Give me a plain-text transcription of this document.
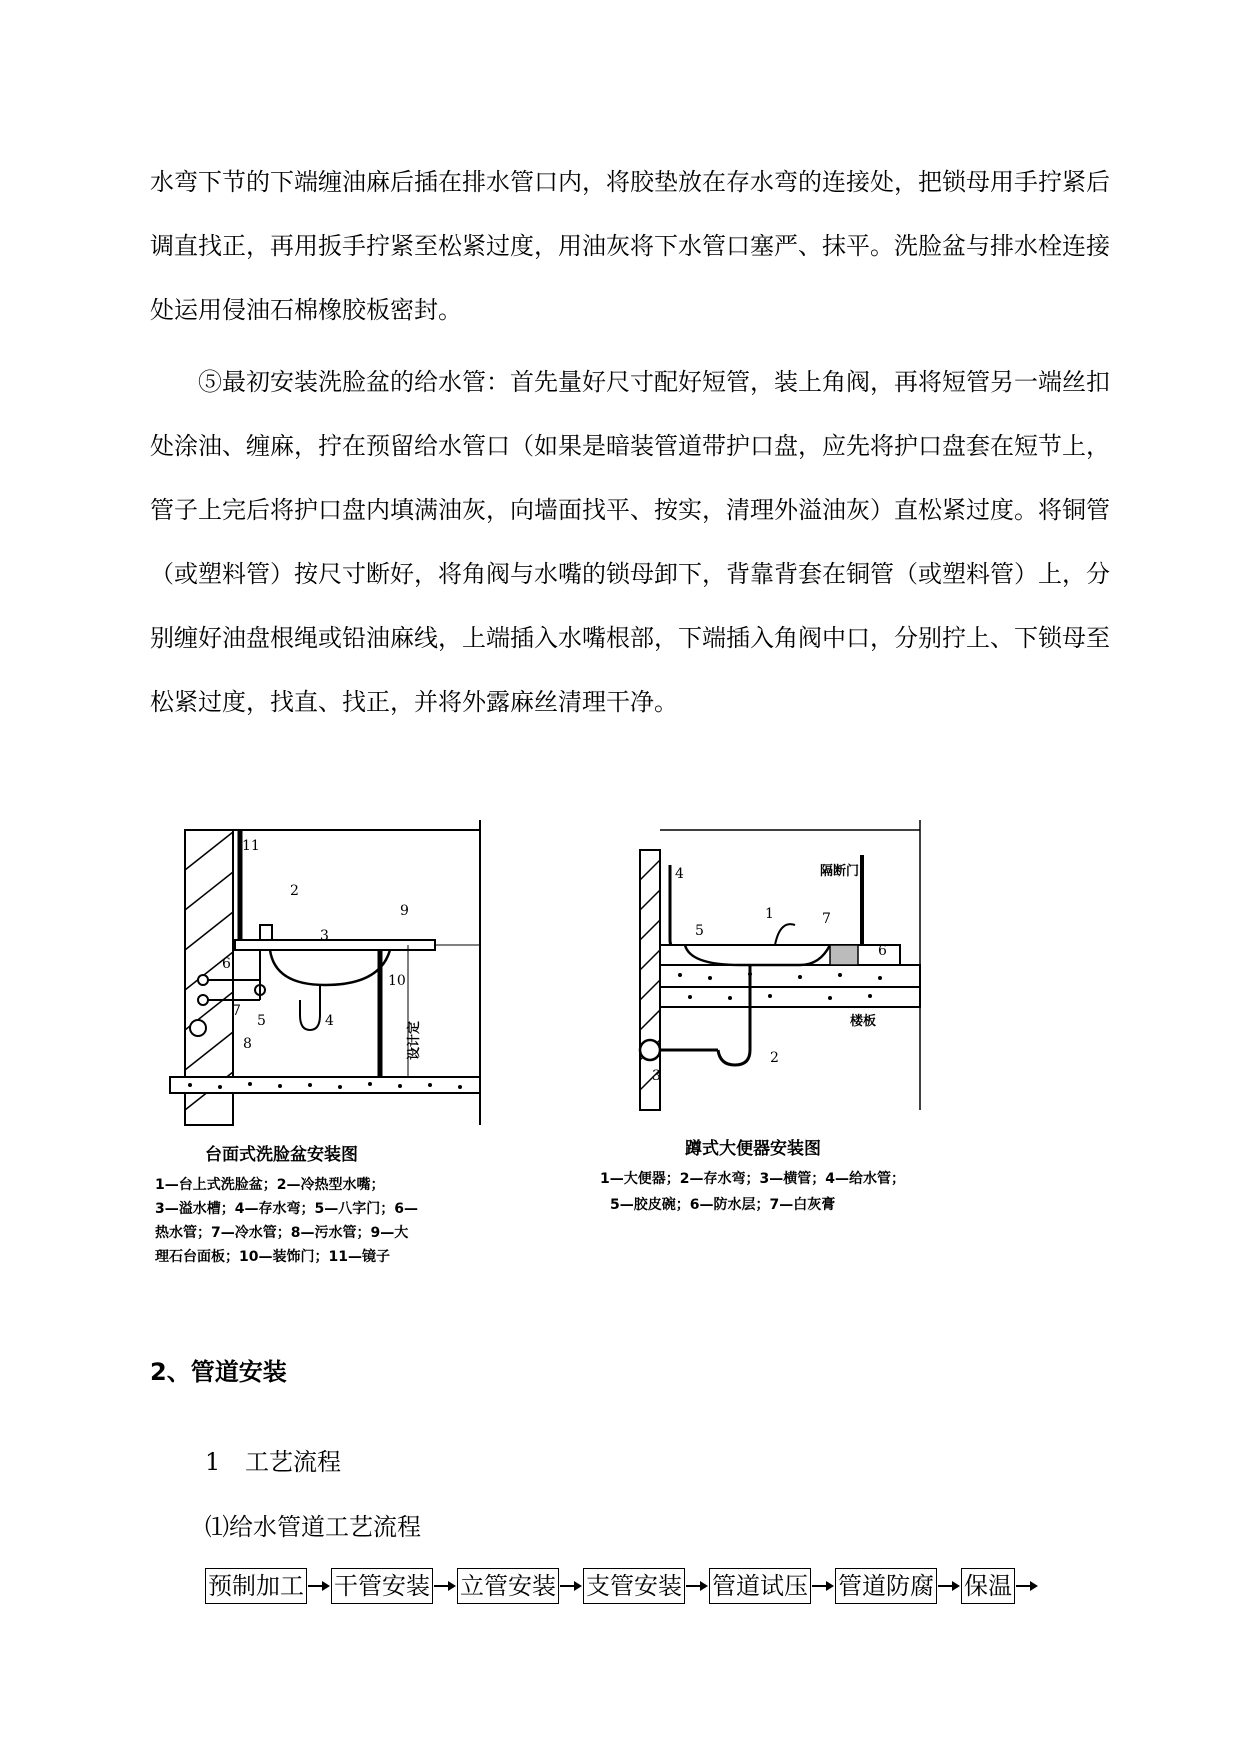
水弯下节的下端缠油麻后插在排水管口内，将胶垫放在存水弯的连接处，把锁母用手拧紧后调直找正，再用扳手拧紧至松紧过度，用油灰将下水管口塞严、抹平。洗脸盆与排水栓连接处运用侵油石棉橡胶板密封。

⑤最初安装洗脸盆的给水管：首先量好尺寸配好短管，装上角阀，再将短管另一端丝扣处涂油、缠麻，拧在预留给水管口（如果是暗装管道带护口盘，应先将护口盘套在短节上，管子上完后将护口盘内填满油灰，向墙面找平、按实，清理外溢油灰）直松紧过度。将铜管（或塑料管）按尺寸断好，将角阀与水嘴的锁母卸下，背靠背套在铜管（或塑料管）上，分别缠好油盘根绳或铅油麻线，上端插入水嘴根部，下端插入角阀中口，分别拧上、下锁母至松紧过度，找直、找正，并将外露麻丝清理干净。

11
2
3
9
6
7
5	4
8
10
设计定
台面式洗脸盆安装图
1—台上式洗脸盆；2—冷热型水嘴；
3—溢水槽；4—存水弯；5—八字门；6—
热水管；7—冷水管；8—污水管；9—大
理石台面板；10—装饰门；11—镜子
4	隔断门
1	7
5
6
楼板
2
3
蹲式大便器安装图
1—大便器；2—存水弯；3—横管；4—给水管；
5—胶皮碗；6—防水层；7—白灰膏
2、管道安装
1 工艺流程
⑴给水管道工艺流程
预制加工 干管安装 立管安装 支管安装 管道试压 管道防腐 保温
